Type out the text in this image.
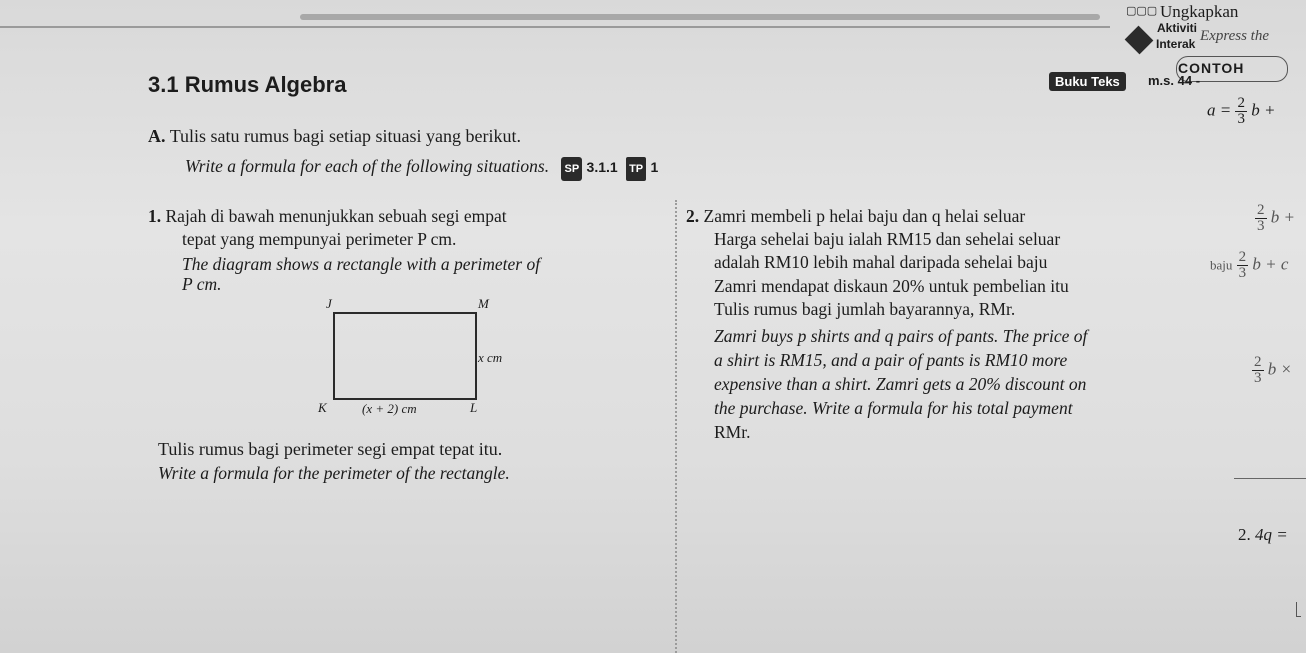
▢▢▢ Ungkapkan
Aktiviti
Interak Express the
CONTOH
Buku Teks	m.s. 44 -
3.1 Rumus Algebra
A. Tulis satu rumus bagi setiap situasi yang berikut.
Write a formula for each of the following situations. SP 3.1.1 TP 1
1. Rajah di bawah menunjukkan sebuah segi empat
tepat yang mempunyai perimeter P cm.
The diagram shows a rectangle with a perimeter of
P cm.
J	M
K	L
x cm
(x + 2) cm
Tulis rumus bagi perimeter segi empat tepat itu.
Write a formula for the perimeter of the rectangle.
2. Zamri membeli p helai baju dan q helai seluar
Harga sehelai baju ialah RM15 dan sehelai seluar
adalah RM10 lebih mahal daripada sehelai baju
Zamri mendapat diskaun 20% untuk pembelian itu
Tulis rumus bagi jumlah bayarannya, RMr.
Zamri buys p shirts and q pairs of pants. The price of
a shirt is RM15, and a pair of pants is RM10 more
expensive than a shirt. Zamri gets a 20% discount on
the purchase. Write a formula for his total payment
RMr.
$a = \frac{2}{3}$ b +
$\frac{2}{3}$ b +
baju $\frac{2}{3}$ b + c
$\frac{2}{3}$ b ×
2. 4q =
